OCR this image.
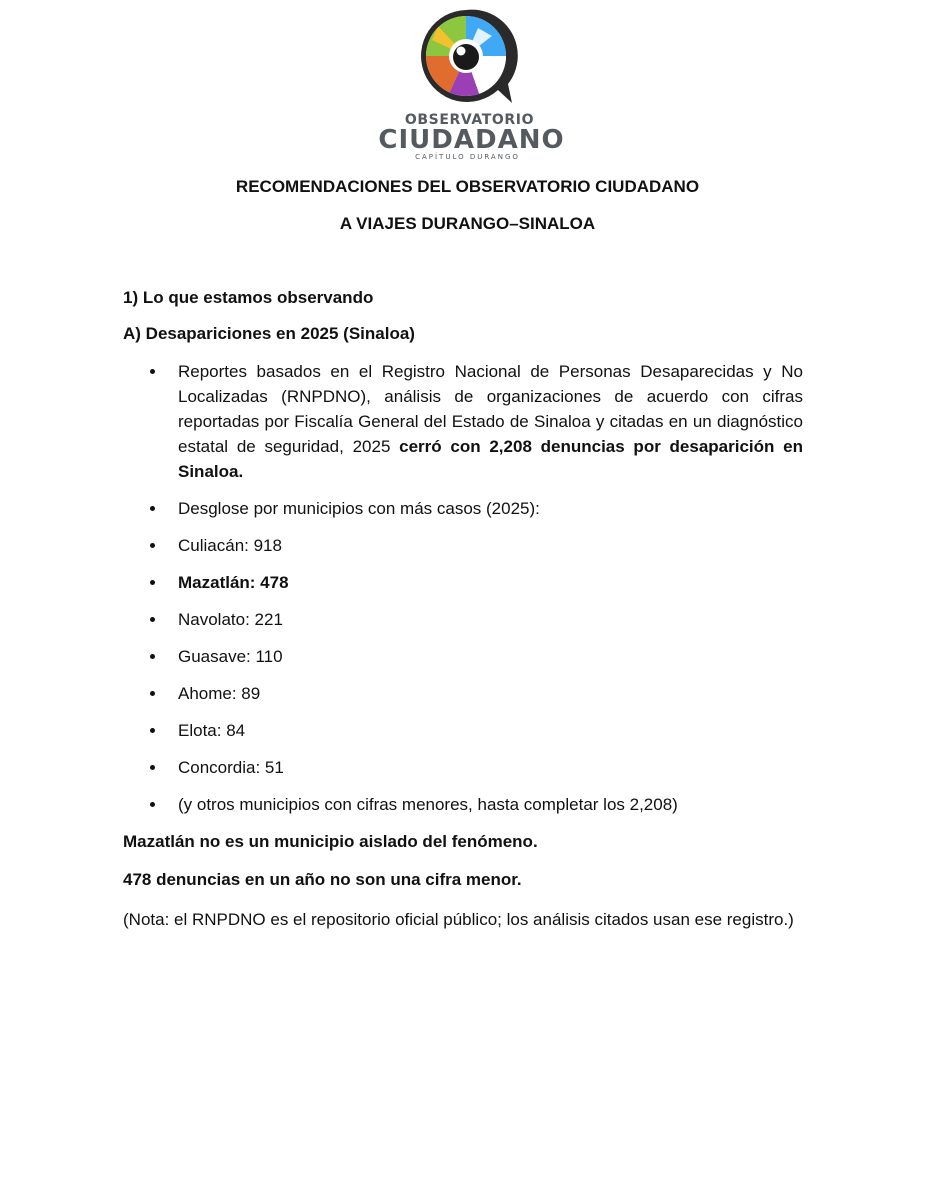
OBSERVATORIO
CIUDADANO
CAPÍTULO DURANGO
RECOMENDACIONES DEL OBSERVATORIO CIUDADANO
A VIAJES DURANGO–SINALOA

1) Lo que estamos observando

A) Desapariciones en 2025 (Sinaloa)

Reportes basados en el Registro Nacional de Personas Desaparecidas y No Localizadas (RNPDNO), análisis de organizaciones de acuerdo con cifras reportadas por Fiscalía General del Estado de Sinaloa y citadas en un diagnóstico estatal de seguridad, 2025 cerró con 2,208 denuncias por desaparición en Sinaloa.
Desglose por municipios con más casos (2025):
Culiacán: 918
Mazatlán: 478
Navolato: 221
Guasave: 110
Ahome: 89
Elota: 84
Concordia: 51
(y otros municipios con cifras menores, hasta completar los 2,208)

Mazatlán no es un municipio aislado del fenómeno.

478 denuncias en un año no son una cifra menor.

(Nota: el RNPDNO es el repositorio oficial público; los análisis citados usan ese registro.)
